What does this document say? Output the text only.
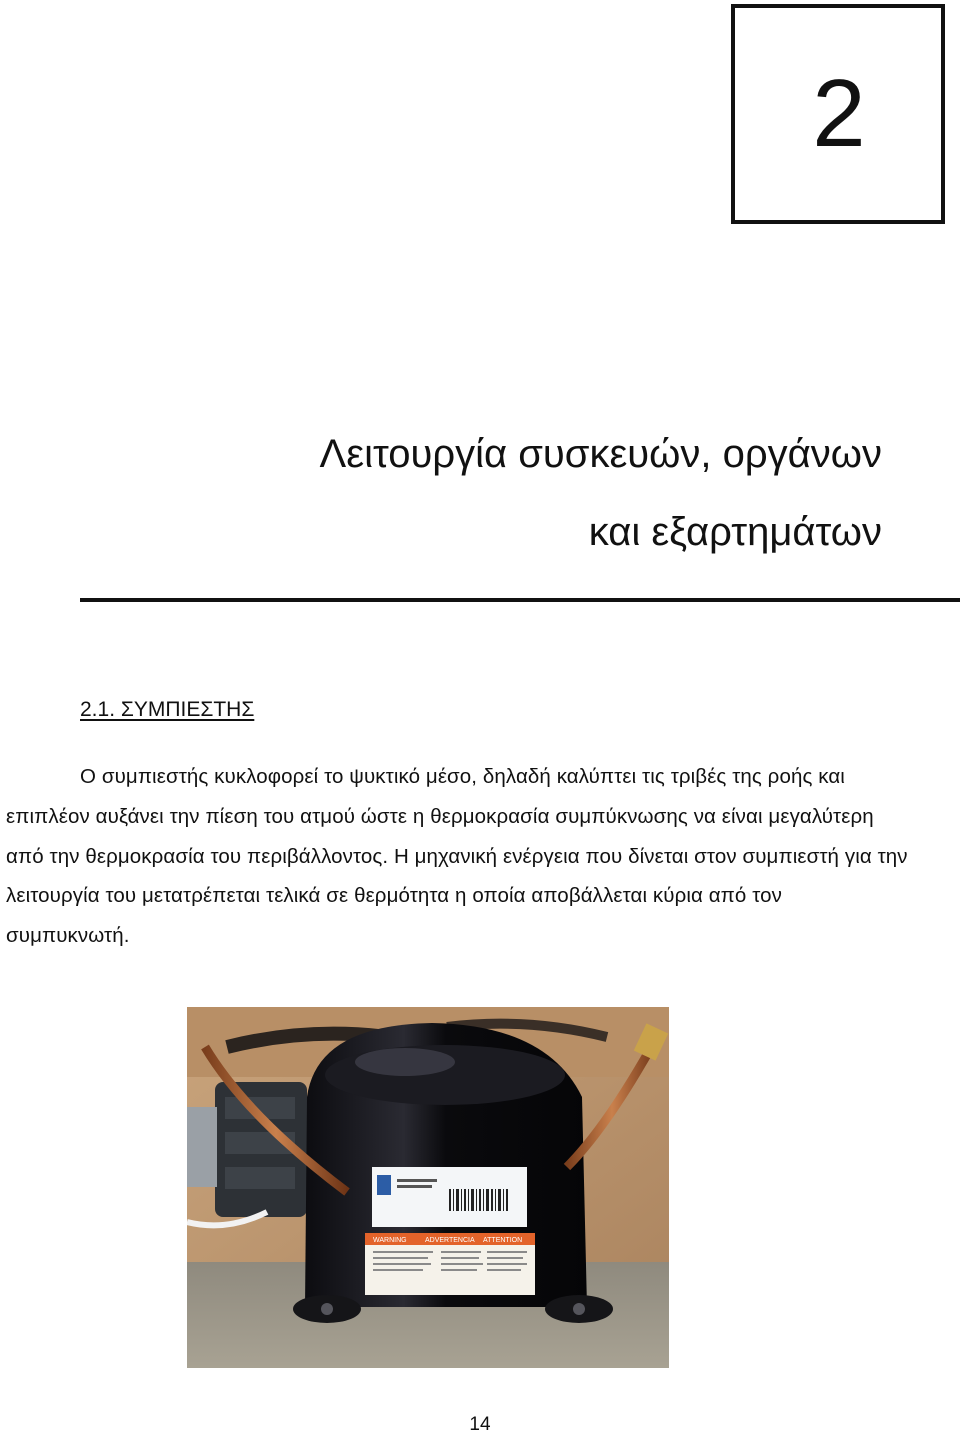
2
Λειτουργία συσκευών, οργάνων
και εξαρτημάτων
2.1. ΣΥΜΠΙΕΣΤΗΣ
Ο συμπιεστής κυκλοφορεί το ψυκτικό μέσο, δηλαδή καλύπτει τις τριβές της ροής και επιπλέον αυξάνει την πίεση του ατμού ώστε η θερμοκρασία συμπύκνωσης να είναι μεγαλύτερη από την θερμοκρασία του περιβάλλοντος. Η μηχανική ενέργεια που δίνεται στον συμπιεστή για την λειτουργία του μετατρέπεται τελικά σε θερμότητα η οποία αποβάλλεται κύρια από τον συμπυκνωτή.
WARNING	ADVERTENCIA ATTENTION
14
